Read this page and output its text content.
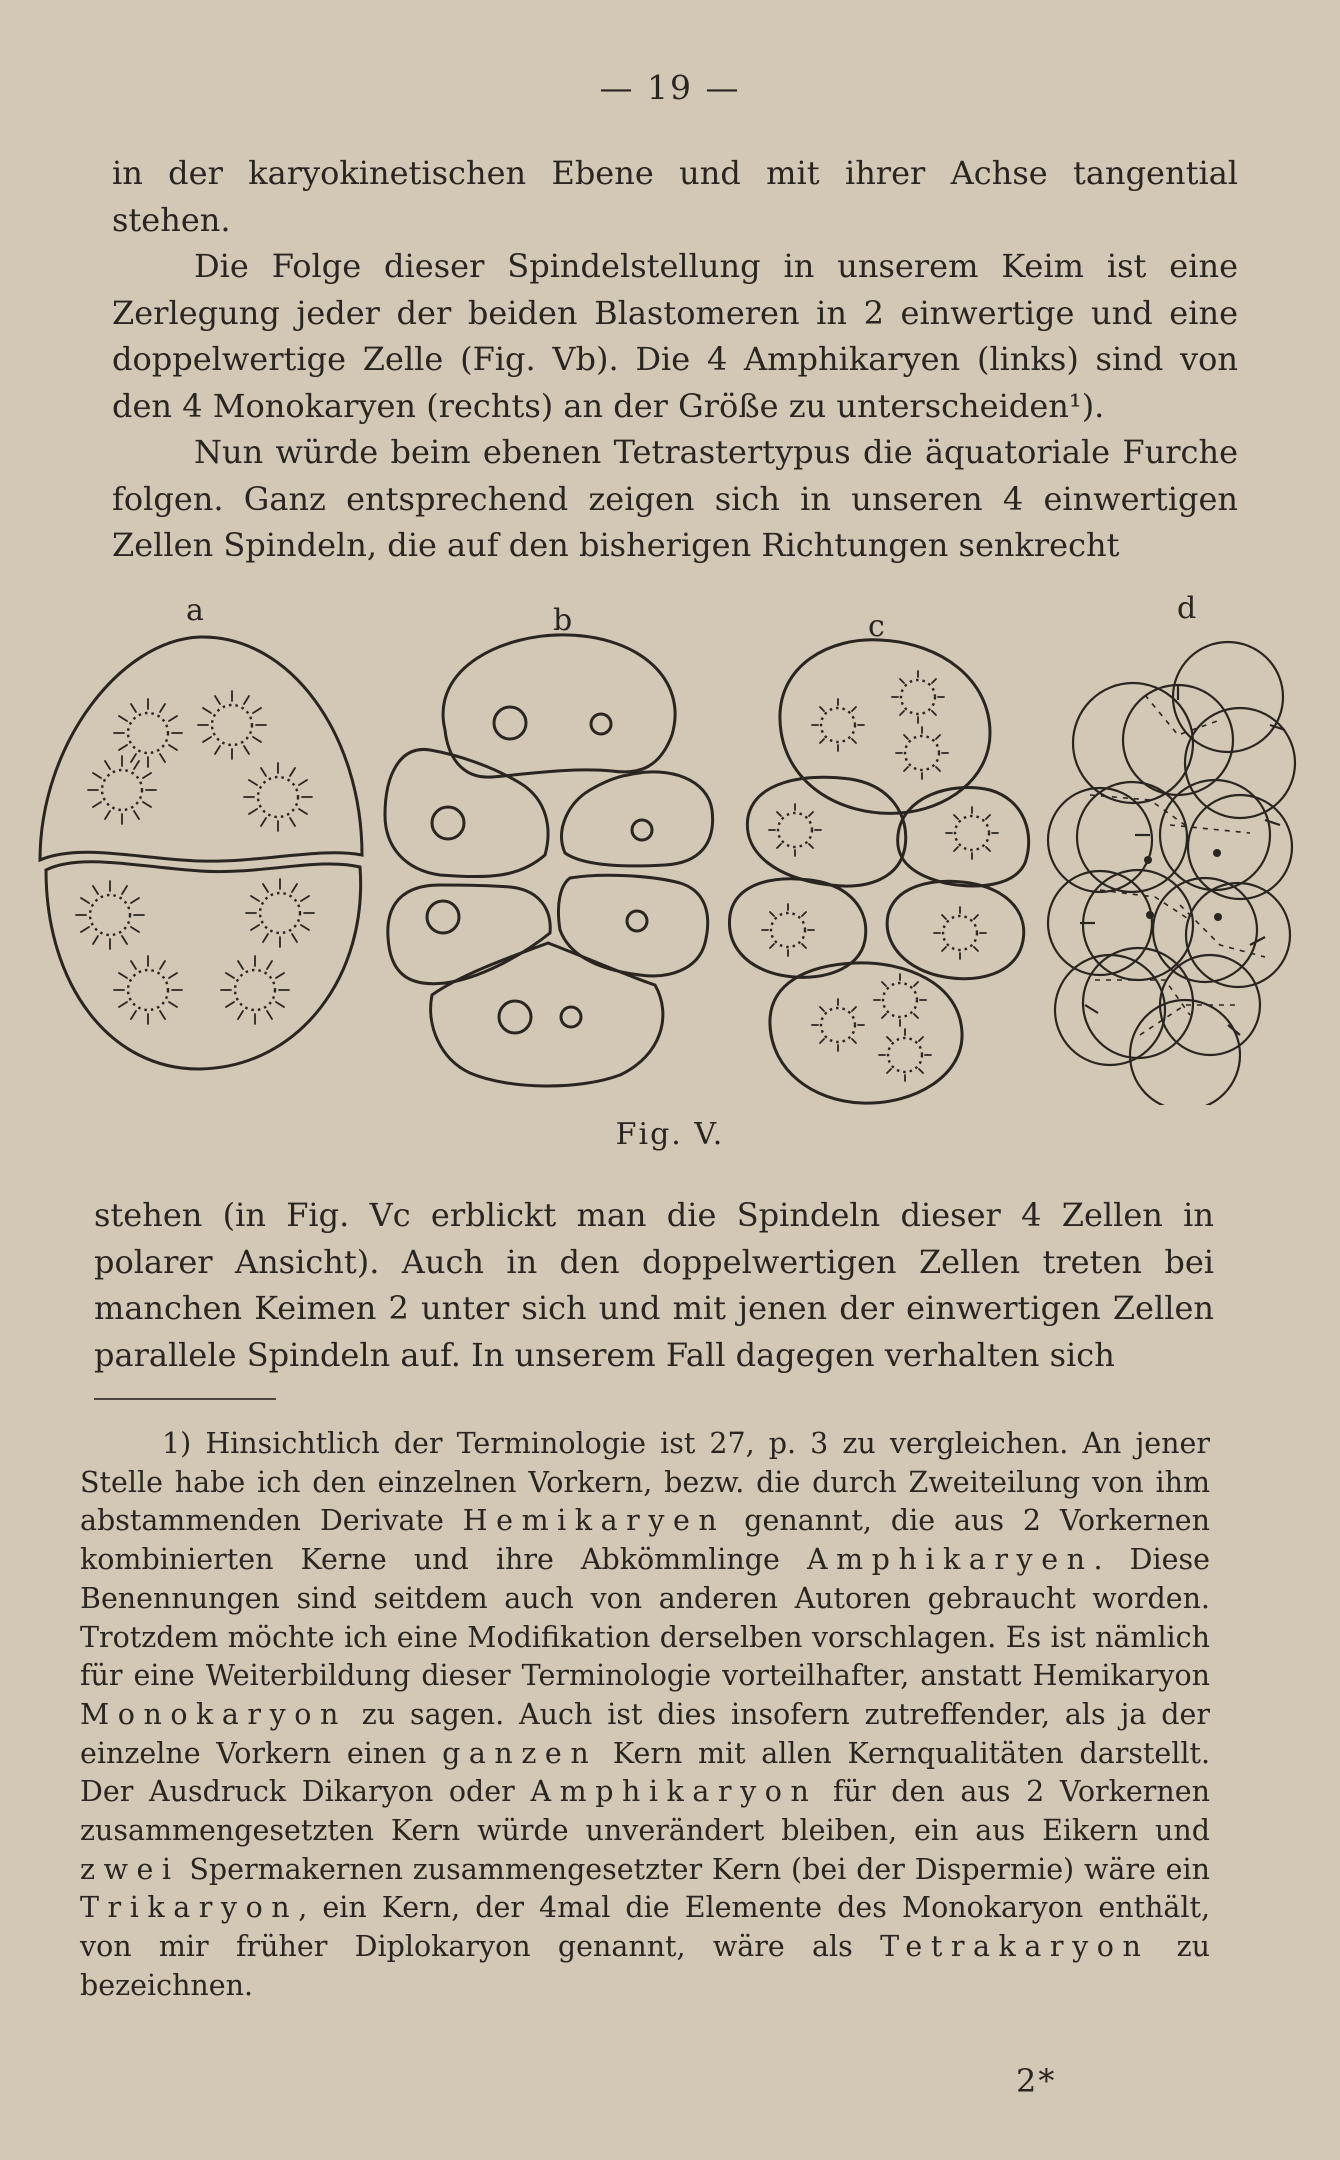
— 19 —

in der karyokinetischen Ebene und mit ihrer Achse tangential stehen.

Die Folge dieser Spindelstellung in unserem Keim ist eine Zerlegung jeder der beiden Blastomeren in 2 einwertige und eine doppelwertige Zelle (Fig. Vb). Die 4 Amphikaryen (links) sind von den 4 Monokaryen (rechts) an der Größe zu unterscheiden¹).

Nun würde beim ebenen Tetrastertypus die äquatoriale Furche folgen. Ganz entsprechend zeigen sich in unseren 4 einwertigen Zellen Spindeln, die auf den bisherigen Richtungen senkrecht

a	b	c
d
Fig. V.
stehen (in Fig. Vc erblickt man die Spindeln dieser 4 Zellen in polarer Ansicht). Auch in den doppelwertigen Zellen treten bei manchen Keimen 2 unter sich und mit jenen der einwertigen Zellen parallele Spindeln auf. In unserem Fall dagegen verhalten sich

1) Hinsichtlich der Terminologie ist 27, p. 3 zu vergleichen. An jener Stelle habe ich den einzelnen Vorkern, bezw. die durch Zweiteilung von ihm abstammenden Derivate Hemikaryen genannt, die aus 2 Vorkernen kombinierten Kerne und ihre Abkömmlinge Amphikaryen. Diese Benennungen sind seitdem auch von anderen Autoren gebraucht worden. Trotzdem möchte ich eine Modifikation derselben vorschlagen. Es ist nämlich für eine Weiterbildung dieser Terminologie vorteilhafter, anstatt Hemikaryon Monokaryon zu sagen. Auch ist dies insofern zutreffender, als ja der einzelne Vorkern einen ganzen Kern mit allen Kernqualitäten darstellt. Der Ausdruck Dikaryon oder Amphikaryon für den aus 2 Vorkernen zusammengesetzten Kern würde unverändert bleiben, ein aus Eikern und zwei Spermakernen zusammengesetzter Kern (bei der Dispermie) wäre ein Trikaryon, ein Kern, der 4mal die Elemente des Monokaryon enthält, von mir früher Diplokaryon genannt, wäre als Tetrakaryon zu bezeichnen.

2*
